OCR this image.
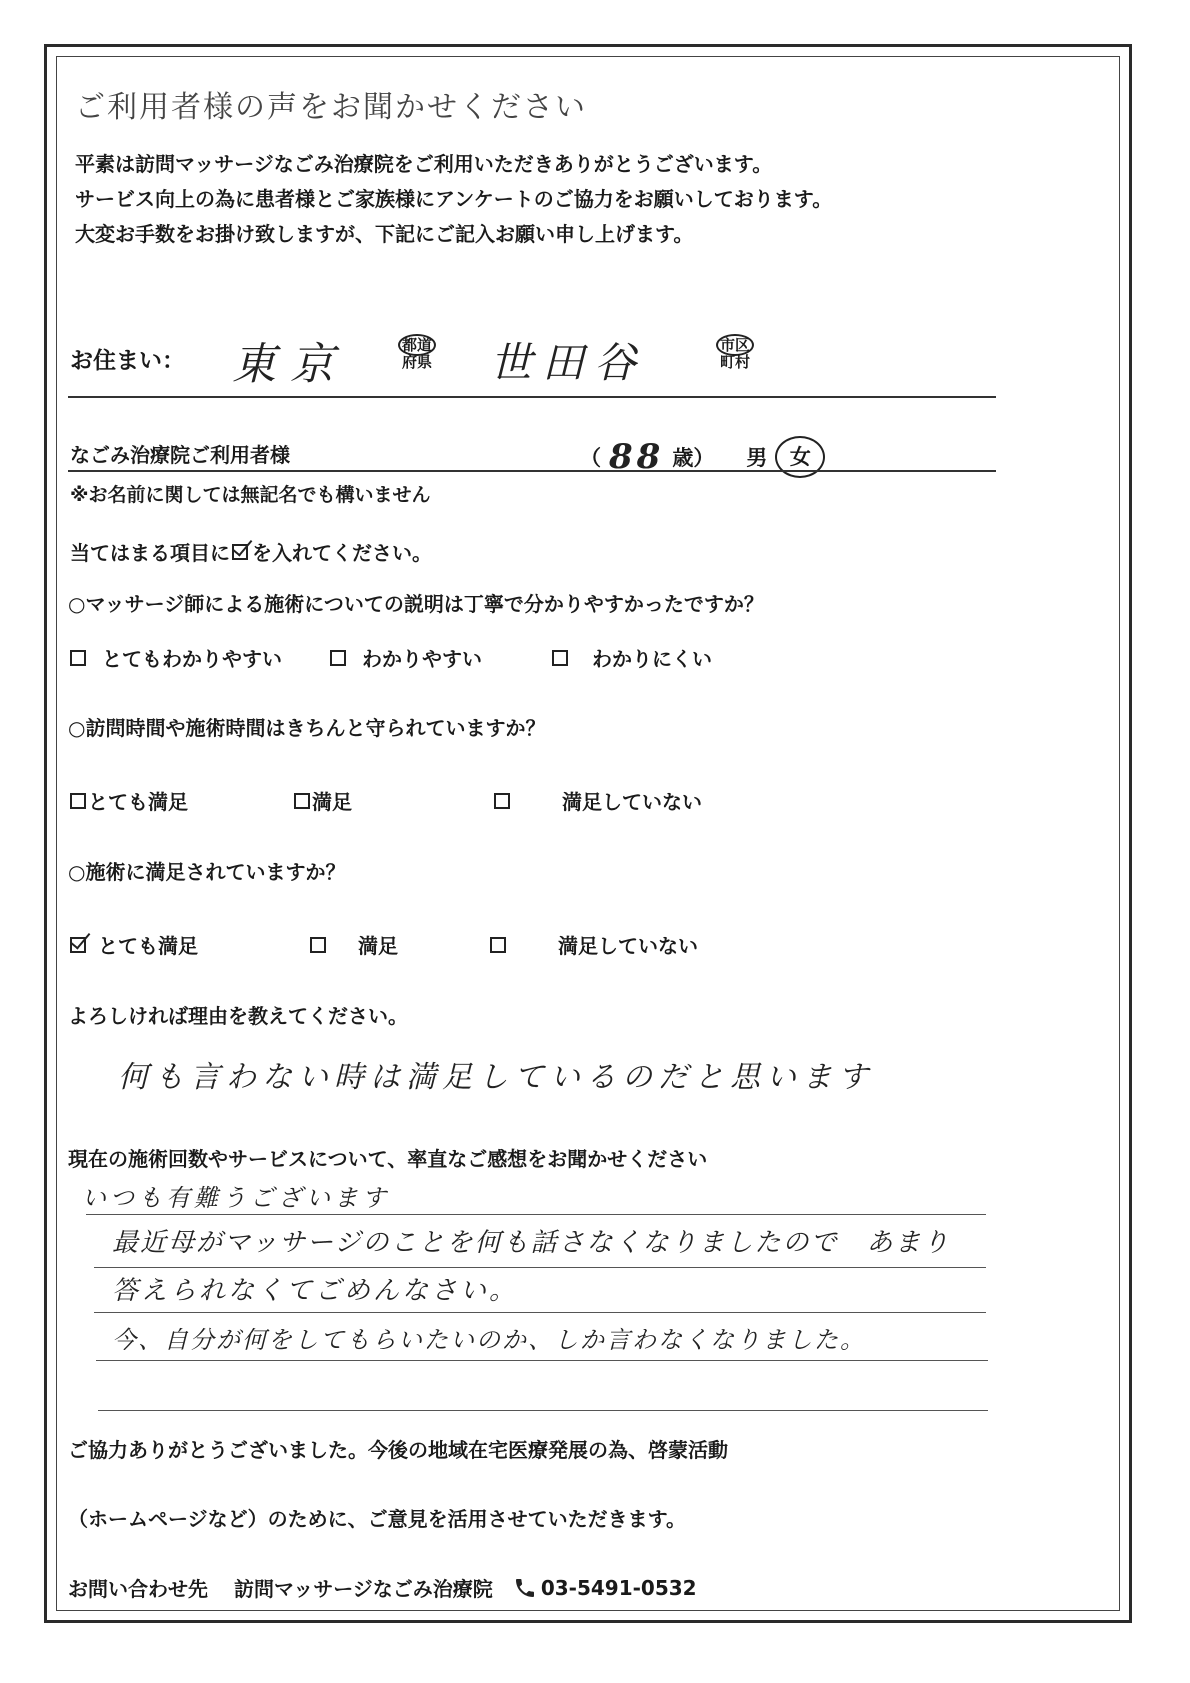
ご利用者様の声をお聞かせください
平素は訪問マッサージなごみ治療院をご利用いただきありがとうございます。
サービス向上の為に患者様とご家族様にアンケートのご協力をお願いしております。
大変お手数をお掛け致しますが、下記にご記入お願い申し上げます。
お住まい： 東京	都道
府県 世田谷	市区
町村
なごみ治療院ご利用者様	（ 88 歳） 男	女
※お名前に関しては無記名でも構いません
当てはまる項目に を入れてください。
○マッサージ師による施術についての説明は丁寧で分かりやすかったですか？
とてもわかりやすい	わかりやすい	わかりにくい
○訪問時間や施術時間はきちんと守られていますか？
とても満足	満足	満足していない
○施術に満足されていますか？
とても満足	満足	満足していない
よろしければ理由を教えてください。
何も言わない時は満足しているのだと思います
現在の施術回数やサービスについて、率直なご感想をお聞かせください
いつも有難うございます
最近母がマッサージのことを何も話さなくなりましたので　あまり
答えられなくてごめんなさい。
今、自分が何をしてもらいたいのか、しか言わなくなりました。
ご協力ありがとうございました。今後の地域在宅医療発展の為、啓蒙活動
（ホームページなど）のために、ご意見を活用させていただきます。
お問い合わせ先 訪問マッサージなごみ治療院 03-5491-0532
